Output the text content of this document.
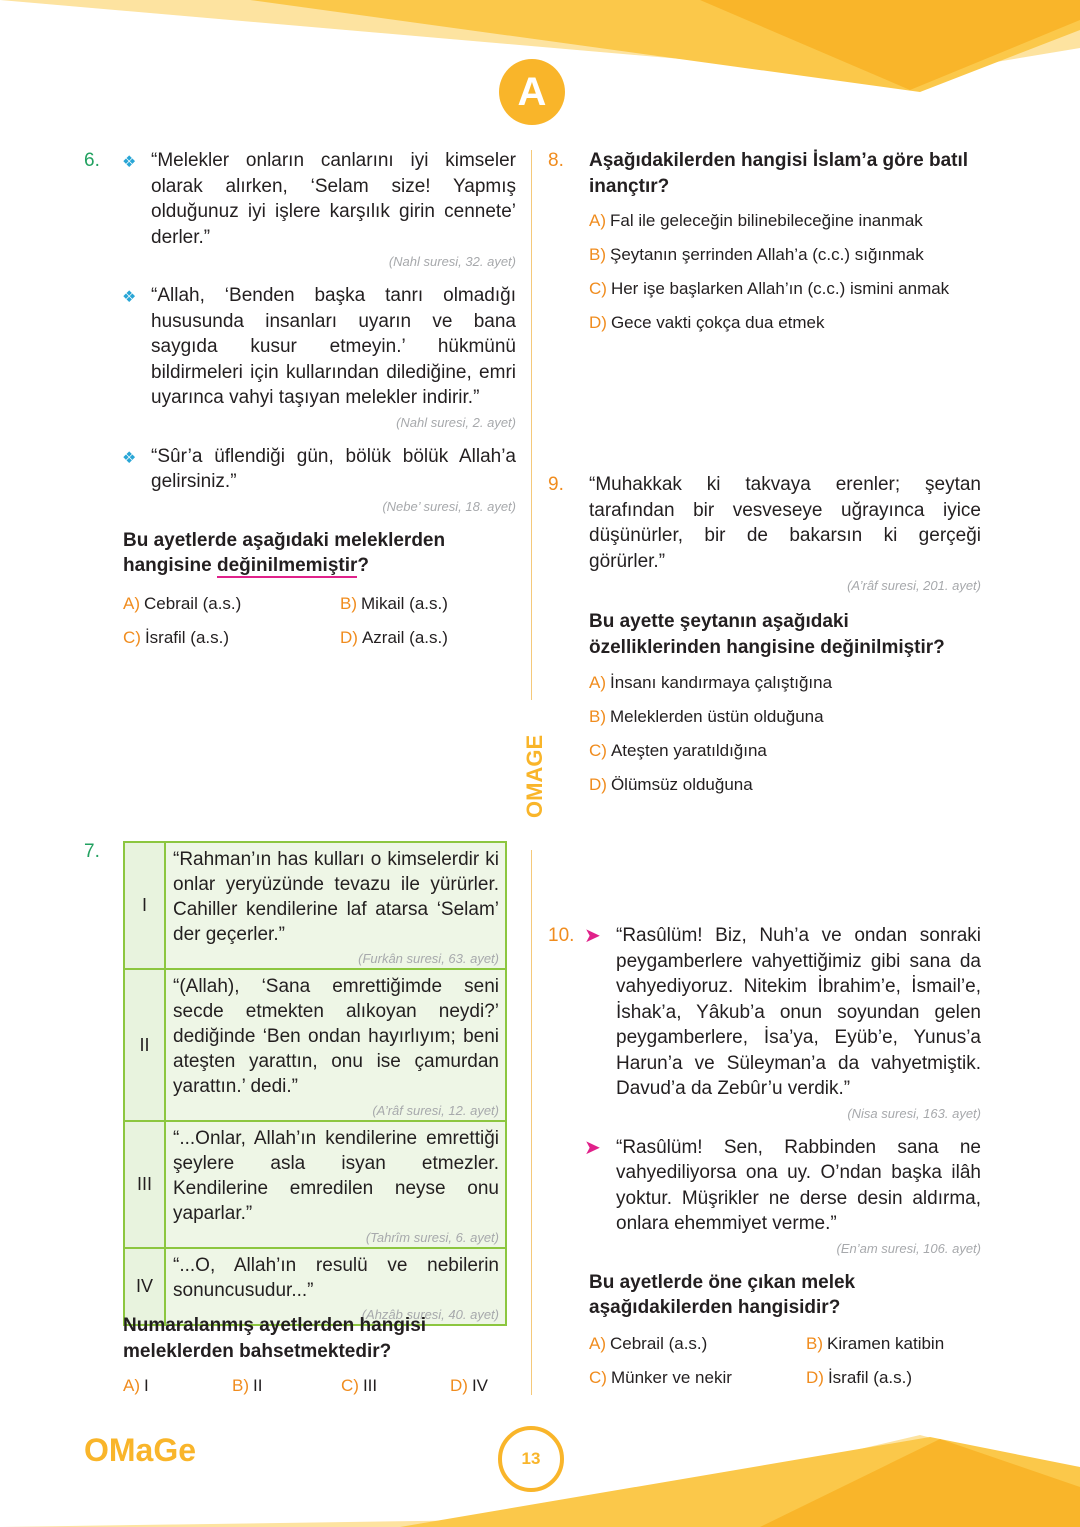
A
OMAGE
6. ❖ “Melekler onların canlarını iyi kimseler olarak alırken, ‘Selam size! Yapmış olduğunuz iyi işlere karşılık girin cennete’ derler.”
(Nahl suresi, 32. ayet)
❖ “Allah, ‘Benden başka tanrı olmadığı hususunda insanları uyarın ve bana saygıda kusur etmeyin.’ hükmünü bildirmeleri için kullarından dilediğine, emri uyarınca vahyi taşıyan melekler indirir.”
(Nahl suresi, 2. ayet)
❖ “Sûr’a üflendiği gün, bölük bölük Allah’a gelirsiniz.”
(Nebe’ suresi, 18. ayet)
Bu ayetlerde aşağıdaki meleklerden hangisine değinilmemiştir?
A) Cebrail (a.s.)	B) Mikail (a.s.)
C) İsrafil (a.s.)	D) Azrail (a.s.)
7.
I	“Rahman’ın has kulları o kimselerdir ki onlar yeryüzünde tevazu ile yürürler. Cahiller kendilerine laf atarsa ‘Selam’ der geçerler.”
(Furkân suresi, 63. ayet)

II	“(Allah), ‘Sana emrettiğimde seni secde etmekten alıkoyan neydi?’ dediğinde ‘Ben ondan hayırlıyım; beni ateşten yarattın, onu ise çamurdan yarattın.’ dedi.”
(A’râf suresi, 12. ayet)

III	“...Onlar, Allah’ın kendilerine emrettiği şeylere asla isyan etmezler. Kendilerine emredilen neyse onu yaparlar.”
(Tahrîm suresi, 6. ayet)

IV	“...O, Allah’ın resulü ve nebilerin sonuncusudur...”
(Ahzâb suresi, 40. ayet)
Numaralanmış ayetlerden hangisi meleklerden bahsetmektedir?
A) I	B) II	C) III	D) IV
8. Aşağıdakilerden hangisi İslam’a göre batıl inançtır?
A) Fal ile geleceğin bilinebileceğine inanmak
B) Şeytanın şerrinden Allah’a (c.c.) sığınmak
C) Her işe başlarken Allah’ın (c.c.) ismini anmak
D) Gece vakti çokça dua etmek
9. “Muhakkak ki takvaya erenler; şeytan tarafından bir vesveseye uğrayınca iyice düşünürler, bir de bakarsın ki gerçeği görürler.”
(A’râf suresi, 201. ayet)
Bu ayette şeytanın aşağıdaki özelliklerinden hangisine değinilmiştir?
A) İnsanı kandırmaya çalıştığına
B) Meleklerden üstün olduğuna
C) Ateşten yaratıldığına
D) Ölümsüz olduğuna
10. ➤ “Rasûlüm! Biz, Nuh’a ve ondan sonraki peygamberlere vahyettiğimiz gibi sana da vahyediyoruz. Nitekim İbrahim’e, İsmail’e, İshak’a, Yâkub’a onun soyundan gelen peygamberlere, İsa’ya, Eyüb’e, Yunus’a Harun’a ve Süleyman’a da vahyetmiştik. Davud’a da Zebûr’u verdik.”
(Nisa suresi, 163. ayet)
➤ “Rasûlüm! Sen, Rabbinden sana ne vahyediliyorsa ona uy. O’ndan başka ilâh yoktur. Müşrikler ne derse desin aldırma, onlara ehemmiyet verme.”
(En’am suresi, 106. ayet)
Bu ayetlerde öne çıkan melek aşağıdakilerden hangisidir?
A) Cebrail (a.s.)	B) Kiramen katibin
C) Münker ve nekir	D) İsrafil (a.s.)
OMaGe	13
